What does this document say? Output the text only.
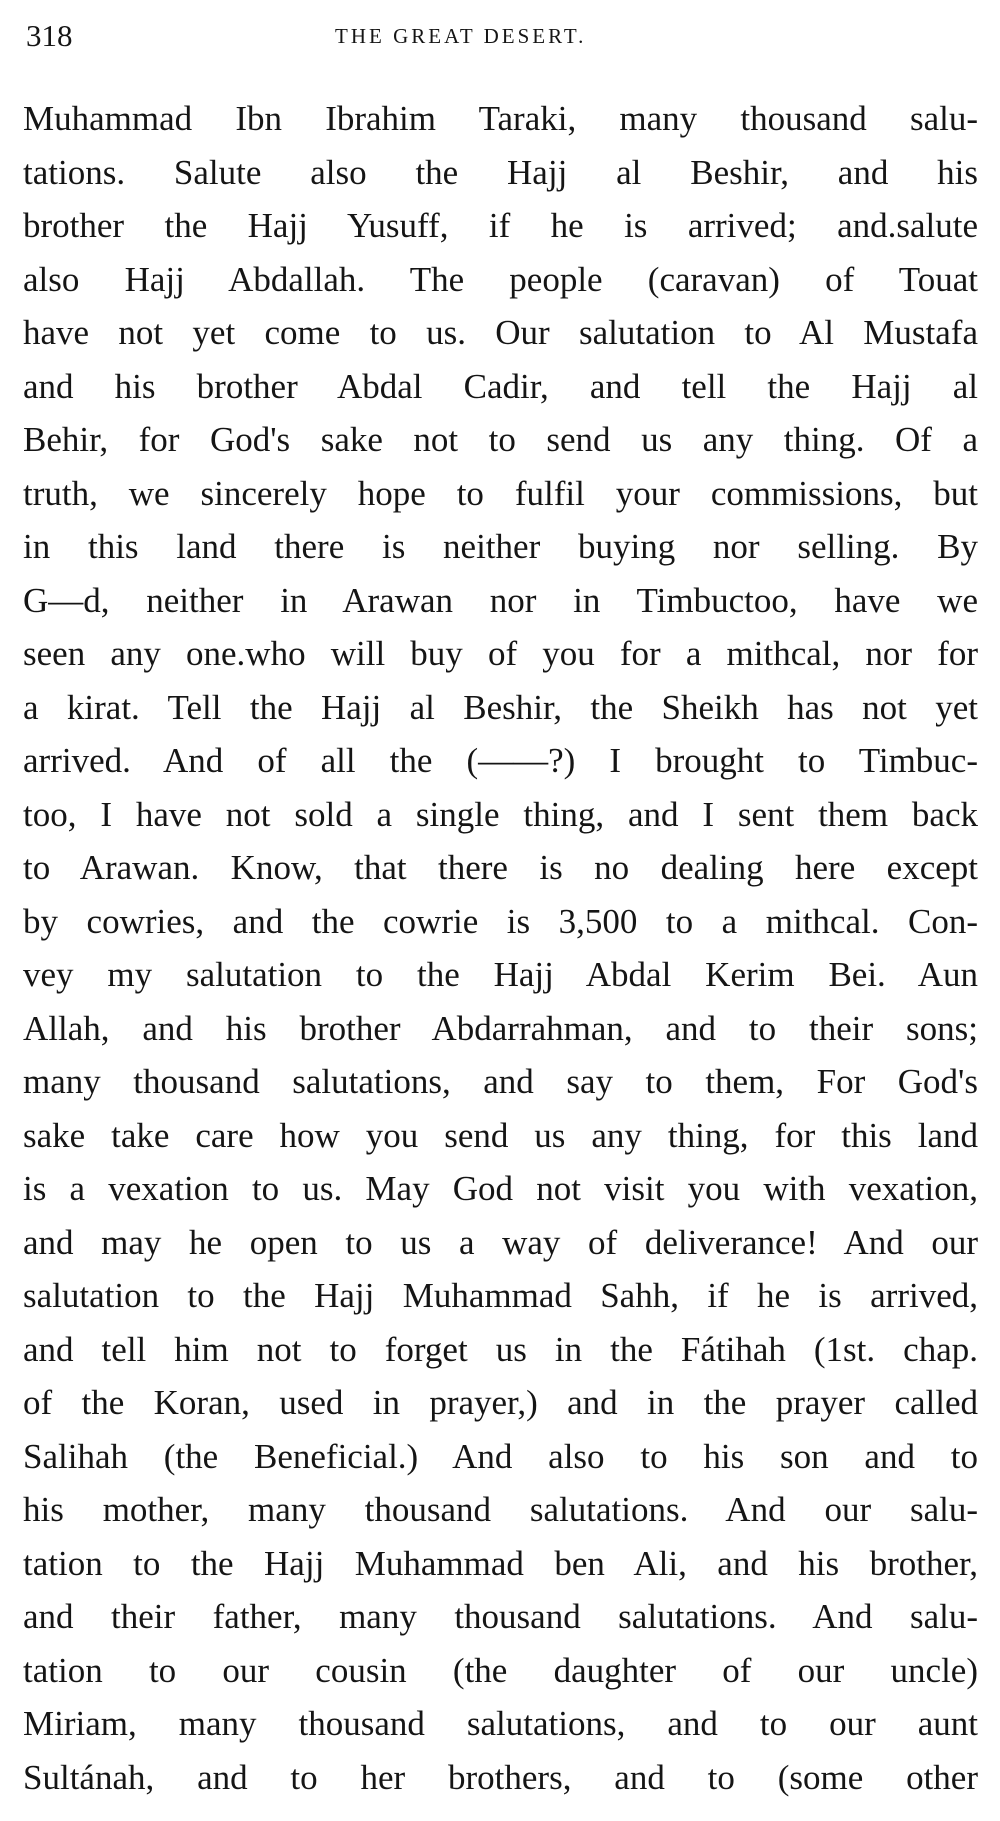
318	THE GREAT DESERT.
Muhammad Ibn Ibrahim Taraki, many thousand salu-
tations. Salute also the Hajj al Beshir, and his
brother the Hajj Yusuff, if he is arrived; and.salute
also Hajj Abdallah. The people (caravan) of Touat
have not yet come to us. Our salutation to Al Mustafa
and his brother Abdal Cadir, and tell the Hajj al
Behir, for God's sake not to send us any thing. Of a
truth, we sincerely hope to fulfil your commissions, but
in this land there is neither buying nor selling. By
G—d, neither in Arawan nor in Timbuctoo, have we
seen any one.who will buy of you for a mithcal, nor for
a kirat. Tell the Hajj al Beshir, the Sheikh has not yet
arrived. And of all the (——?) I brought to Timbuc-
too, I have not sold a single thing, and I sent them back
to Arawan. Know, that there is no dealing here except
by cowries, and the cowrie is 3,500 to a mithcal. Con-
vey my salutation to the Hajj Abdal Kerim Bei. Aun
Allah, and his brother Abdarrahman, and to their sons;
many thousand salutations, and say to them, For God's
sake take care how you send us any thing, for this land
is a vexation to us. May God not visit you with vexation,
and may he open to us a way of deliverance! And our
salutation to the Hajj Muhammad Sahh, if he is arrived,
and tell him not to forget us in the Fátihah (1st. chap.
of the Koran, used in prayer,) and in the prayer called
Salihah (the Beneficial.) And also to his son and to
his mother, many thousand salutations. And our salu-
tation to the Hajj Muhammad ben Ali, and his brother,
and their father, many thousand salutations. And salu-
tation to our cousin (the daughter of our uncle)
Miriam, many thousand salutations, and to our aunt
Sultánah, and to her brothers, and to (some other
